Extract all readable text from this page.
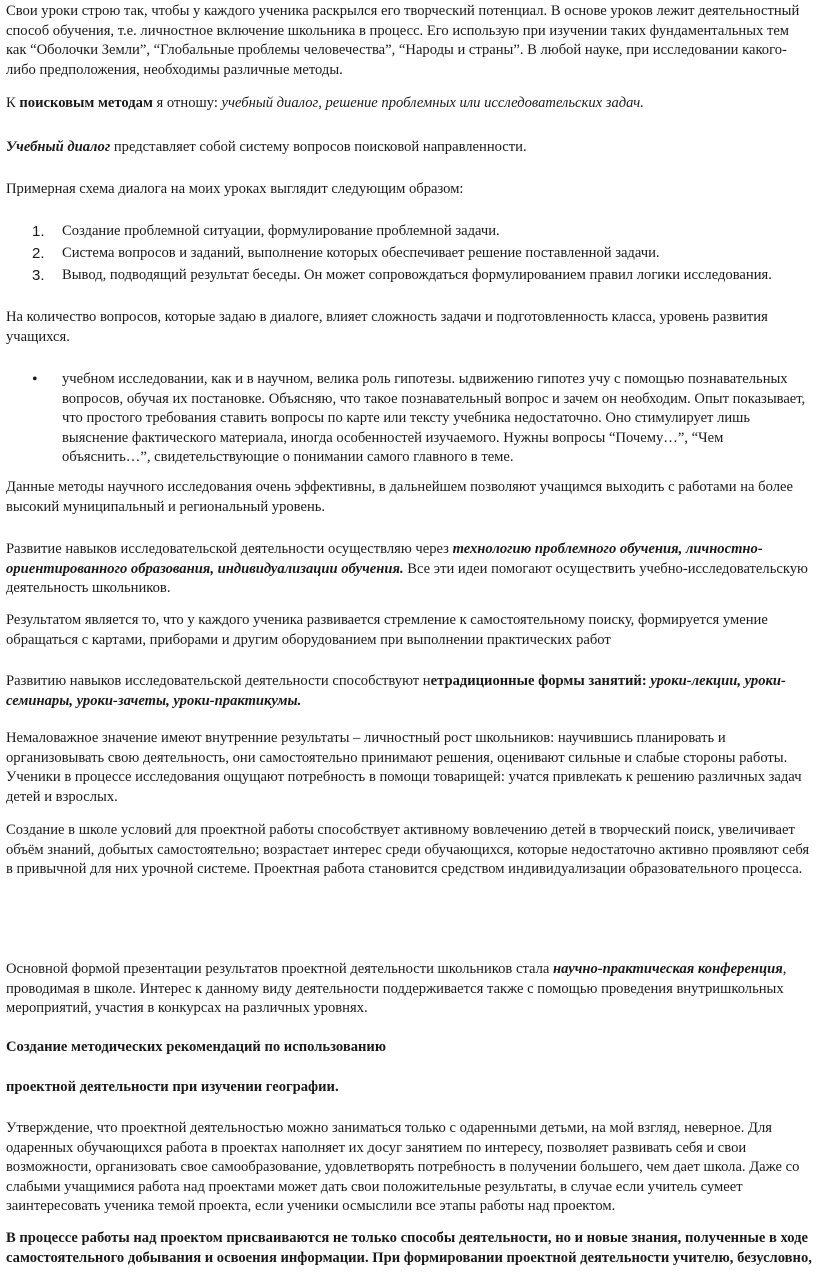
Свои уроки строю так, чтобы у каждого ученика раскрылся его творческий потенциал. В основе уроков лежит деятельностный способ обучения, т.е. личностное включение школьника в процесс. Его использую при изучении таких фундаментальных тем как “Оболочки Земли”, “Глобальные проблемы человечества”, “Народы и страны”. В любой науке, при исследовании какого-либо предположения, необходимы различные методы.

К поисковым методам я отношу: учебный диалог, решение проблемных или исследовательских задач.

Учебный диалог представляет собой систему вопросов поисковой направленности.

Примерная схема диалога на моих уроках выглядит следующим образом:

1.	Создание проблемной ситуации, формулирование проблемной задачи.
2.	Система вопросов и заданий, выполнение которых обеспечивает решение поставленной задачи.
3.	Вывод, подводящий результат беседы. Он может сопровождаться формулированием правил логики исследования.

На количество вопросов, которые задаю в диалоге, влияет сложность задачи и подготовленность класса, уровень развития учащихся.

• учебном исследовании, как и в научном, велика роль гипотезы. ыдвижению гипотез учу с помощью познавательных вопросов, обучая их постановке. Объясняю, что такое познавательный вопрос и зачем он необходим. Опыт показывает, что простого требования ставить вопросы по карте или тексту учебника недостаточно. Оно стимулирует лишь выяснение фактического материала, иногда особенностей изучаемого. Нужны вопросы “Почему…”, “Чем объяснить…”, свидетельствующие о понимании самого главного в теме.

Данные методы научного исследования очень эффективны, в дальнейшем позволяют учащимся выходить с работами на более высокий муниципальный и региональный уровень.

Развитие навыков исследовательской деятельности осуществляю через технологию проблемного обучения, личностно-ориентированного образования, индивидуализации обучения. Все эти идеи помогают осуществить учебно-исследовательскую деятельность школьников.

Результатом является то, что у каждого ученика развивается стремление к самостоятельному поиску, формируется умение обращаться с картами, приборами и другим оборудованием при выполнении практических работ

Развитию навыков исследовательской деятельности способствуют нетрадиционные формы занятий: уроки-лекции, уроки-семинары, уроки-зачеты, уроки-практикумы.

Немаловажное значение имеют внутренние результаты – личностный рост школьников: научившись планировать и организовывать свою деятельность, они самостоятельно принимают решения, оценивают сильные и слабые стороны работы. Ученики в процессе исследования ощущают потребность в помощи товарищей: учатся привлекать к решению различных задач детей и взрослых.

Создание в школе условий для проектной работы способствует активному вовлечению детей в творческий поиск, увеличивает объём знаний, добытых самостоятельно; возрастает интерес среди обучающихся, которые недостаточно активно проявляют себя в привычной для них урочной системе. Проектная работа становится средством индивидуализации образовательного процесса.

Основной формой презентации результатов проектной деятельности школьников стала научно-практическая конференция, проводимая в школе. Интерес к данному виду деятельности поддерживается также с помощью проведения внутришкольных мероприятий, участия в конкурсах на различных уровнях.

Создание методических рекомендаций по использованию

проектной деятельности при изучении географии.

Утверждение, что проектной деятельностью можно заниматься только с одаренными детьми, на мой взгляд, неверное. Для одаренных обучающихся работа в проектах наполняет их досуг занятием по интересу, позволяет развивать себя и свои возможности, организовать свое самообразование, удовлетворять потребность в получении большего, чем дает школа. Даже со слабыми учащимися работа над проектами может дать свои положительные результаты, в случае если учитель сумеет заинтересовать ученика темой проекта, если ученики осмыслили все этапы работы над проектом.

В процессе работы над проектом присваиваются не только способы деятельности, но и новые знания, полученные в ходе самостоятельного добывания и освоения информации. При формировании проектной деятельности учителю, безусловно,
